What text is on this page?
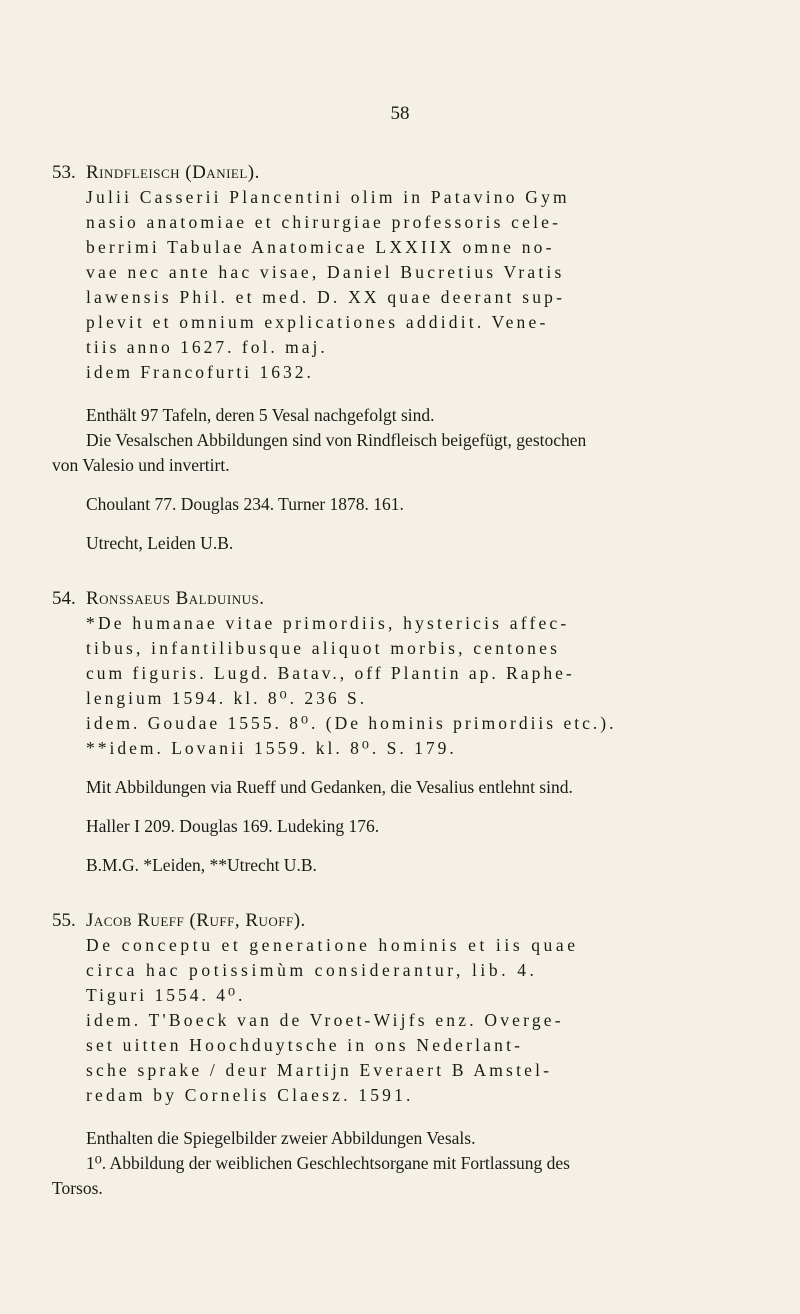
58

53. Rindfleisch (Daniel).

Julii Casserii Plancentini olim in Patavino Gym

nasio anatomiae et chirurgiae professoris cele-

berrimi Tabulae Anatomicae LXXIIX omne no-

vae nec ante hac visae, Daniel Bucretius Vratis

lawensis Phil. et med. D. XX quae deerant sup-

plevit et omnium explicationes addidit. Vene-

tiis anno 1627. fol. maj.

idem Francofurti 1632.

Enthält 97 Tafeln, deren 5 Vesal nachgefolgt sind.

Die Vesalschen Abbildungen sind von Rindfleisch beigefügt, gestochen

von Valesio und invertirt.

Choulant 77. Douglas 234. Turner 1878. 161.

Utrecht, Leiden U.B.

54. Ronssaeus Balduinus.

*De humanae vitae primordiis, hystericis affec-

tibus, infantilibusque aliquot morbis, centones

cum figuris. Lugd. Batav., off Plantin ap. Raphe-

lengium 1594. kl. 8⁰. 236 S.

idem. Goudae 1555. 8⁰. (De hominis primordiis etc.).

**idem. Lovanii 1559. kl. 8⁰. S. 179.

Mit Abbildungen via Rueff und Gedanken, die Vesalius entlehnt sind.

Haller I 209. Douglas 169. Ludeking 176.

B.M.G. *Leiden, **Utrecht U.B.

55. Jacob Rueff (Ruff, Ruoff).

De conceptu et generatione hominis et iis quae

circa hac potissimùm considerantur, lib. 4.

Tiguri 1554. 4⁰.

idem. T'Boeck van de Vroet-Wijfs enz. Overge-

set uitten Hoochduytsche in ons Nederlant-

sche sprake / deur Martijn Everaert B Amstel-

redam by Cornelis Claesz. 1591.

Enthalten die Spiegelbilder zweier Abbildungen Vesals.

1⁰. Abbildung der weiblichen Geschlechtsorgane mit Fortlassung des

Torsos.
